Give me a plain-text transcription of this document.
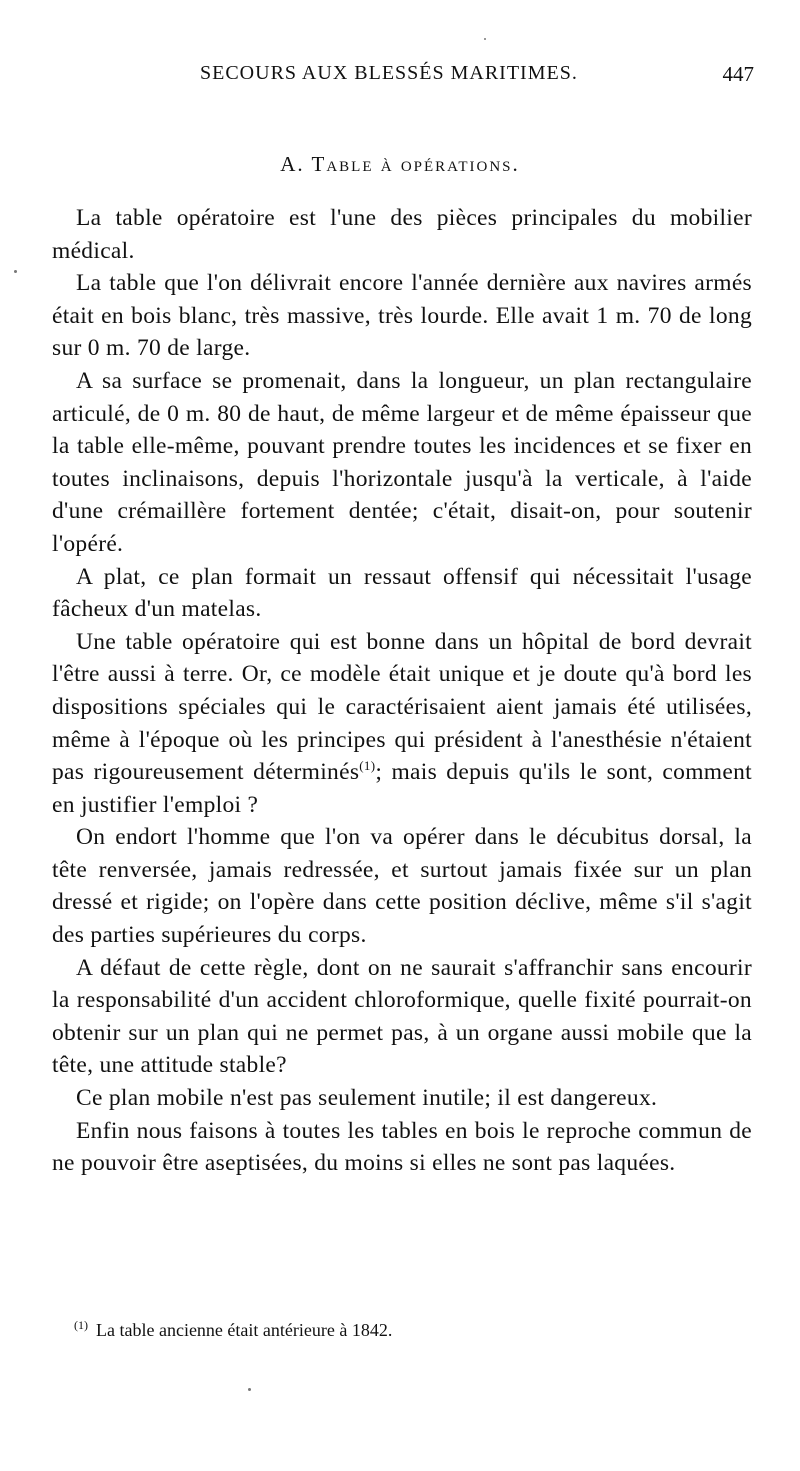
SECOURS AUX BLESSÉS MARITIMES.	447
A. Table à opérations.

La table opératoire est l'une des pièces principales du mobilier médical.

La table que l'on délivrait encore l'année dernière aux navires armés était en bois blanc, très massive, très lourde. Elle avait 1 m. 70 de long sur 0 m. 70 de large.

A sa surface se promenait, dans la longueur, un plan rectangulaire articulé, de 0 m. 80 de haut, de même largeur et de même épaisseur que la table elle-même, pouvant prendre toutes les incidences et se fixer en toutes inclinaisons, depuis l'horizontale jusqu'à la verticale, à l'aide d'une crémaillère fortement dentée; c'était, disait-on, pour soutenir l'opéré.

A plat, ce plan formait un ressaut offensif qui nécessitait l'usage fâcheux d'un matelas.

Une table opératoire qui est bonne dans un hôpital de bord devrait l'être aussi à terre. Or, ce modèle était unique et je doute qu'à bord les dispositions spéciales qui le caractérisaient aient jamais été utilisées, même à l'époque où les principes qui président à l'anesthésie n'étaient pas rigoureusement déterminés$^{(1)}$; mais depuis qu'ils le sont, comment en justifier l'emploi ?

On endort l'homme que l'on va opérer dans le décubitus dorsal, la tête renversée, jamais redressée, et surtout jamais fixée sur un plan dressé et rigide; on l'opère dans cette position déclive, même s'il s'agit des parties supérieures du corps.

A défaut de cette règle, dont on ne saurait s'affranchir sans encourir la responsabilité d'un accident chloroformique, quelle fixité pourrait-on obtenir sur un plan qui ne permet pas, à un organe aussi mobile que la tête, une attitude stable?

Ce plan mobile n'est pas seulement inutile; il est dangereux.

Enfin nous faisons à toutes les tables en bois le reproche commun de ne pouvoir être aseptisées, du moins si elles ne sont pas laquées.

$^{(1)}$ La table ancienne était antérieure à 1842.
